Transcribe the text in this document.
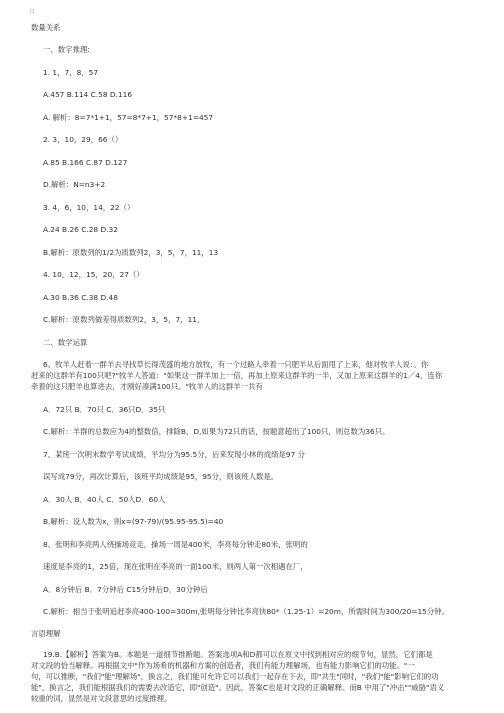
▫
数量关系
一、数字推理:
1. 1，7，8，57
A.457 B.114 C.58 D.116
A. 解析：8=7*1+1，57=8*7+1，57*8+1=457
2. 3，10，29，66（）
A.85 B.166 C.87 D.127
D.解析：N=n3+2
3. 4，6，10，14，22（）
A.24 B.26 C.28 D.32
B.解析：原数列的1/2为质数列2，3，5，7，11，13
4. 10，12，15，20，27（）
A.30 B.36 C.38 D.48
C.解析：原数列做差得质数列2，3，5，7，11，
二、数学运算
6、牧羊人赶着一群羊去寻找草长得茂盛的地方放牧，有一个过路人牵着一只肥羊从后面甩了上来，他对牧羊人说：。你
赶来的这群羊有100只吧?"牧羊人答道："如果这一群羊加上一倍，再加上原来这群羊的一半，又加上原来这群羊的1／4，连你
牵着的这只肥羊也算进去，才刚好凑满100只。"牧羊人的这群羊一共有
A．72只 B．70只 C．36只D．35只
C.解析：羊群的总数应为4的整数倍，排除B、D,如果为72只的话，按题意超出了100只，则总数为36只。
7、某班一次明末数学考试成绩，平均分为95.5分，后来发现小林的成绩是97 分
误写成79分，再次计算后，该班平均成绩是95，95分，则该班人数是。
A．30人 B．40人 C．50人D．60人
B.解析：设人数为x，则x=(97-79)/(95.95-95.5)=40
8、张明和李亮两人绕操场竞走，操场一周是400米，李亮每分钟走80米，张明的
速度是李亮的1，25倍，现在张明在李亮的一面100米，则两人第一次相遇在厂，
A．8分钟后 B．7分钟后 C15分钟后D．30分钟后
C.解析：相当于张明追赶李亮400-100=300m,张明每分钟比李亮快80*（1.25-1）=20m，所需时间为300/20=15分钟。
言语理解
19.B.【解析】答案为B。本题是一道细节推断题。答案选项A和D都可以在原文中找到相对应的细节句，显然，它们都是
对文段的恰当解释。再根据文中"作为场希的机器和方案的创造者，我们有能力理解场，也有能力影响它们的功能。"一
句，可以推断，"我们"能"理解场"，换言之，我们能可允许它可以我们一起存在下去，即"共生"同时，"我们"能"影响它们的功
能"，换言之，我们能根据我们的需要去改造它，即"创造"。因此，答案C也是对文段的正确解释。而B 中用了"冲击""威胁"语义
较重的词，显然是对文段意思的过度推理。
